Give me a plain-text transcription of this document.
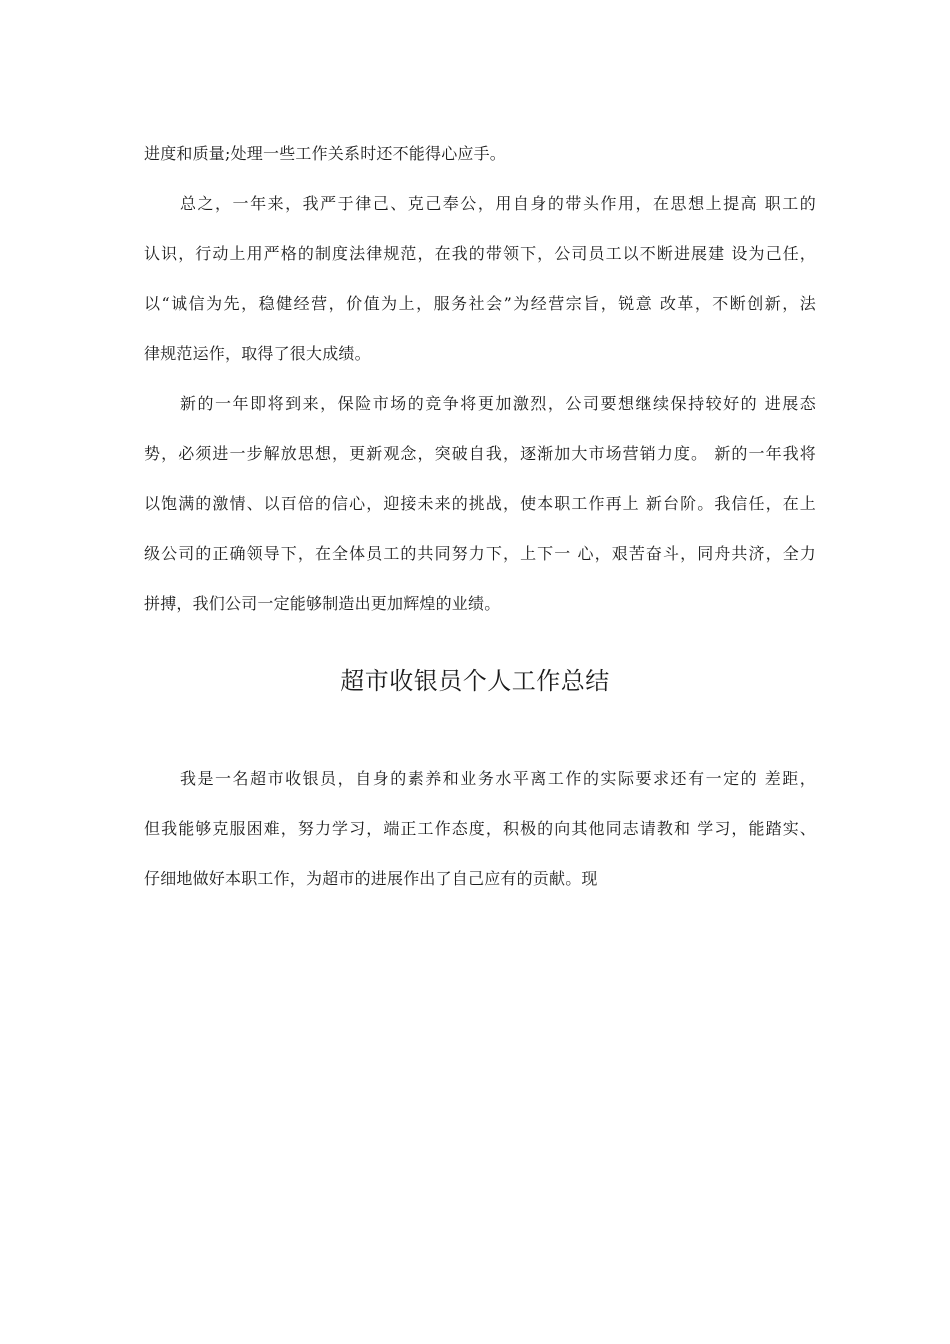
进度和质量;处理一些工作关系时还不能得心应手。
总之，一年来，我严于律己、克己奉公，用自身的带头作用，在思想上提高 职工的
认识，行动上用严格的制度法律规范，在我的带领下，公司员工以不断进展建 设为己任，
以“诚信为先，稳健经营，价值为上，服务社会”为经营宗旨，锐意 改革，不断创新，法
律规范运作，取得了很大成绩。
新的一年即将到来，保险市场的竞争将更加激烈，公司要想继续保持较好的 进展态
势，必须进一步解放思想，更新观念，突破自我，逐渐加大市场营销力度。 新的一年我将
以饱满的激情、以百倍的信心，迎接未来的挑战，使本职工作再上 新台阶。我信任，在上
级公司的正确领导下，在全体员工的共同努力下，上下一 心，艰苦奋斗，同舟共济，全力
拼搏，我们公司一定能够制造出更加辉煌的业绩。
超市收银员个人工作总结
我是一名超市收银员，自身的素养和业务水平离工作的实际要求还有一定的 差距，
但我能够克服困难，努力学习，端正工作态度，积极的向其他同志请教和 学习，能踏实、
仔细地做好本职工作，为超市的进展作出了自己应有的贡献。现
